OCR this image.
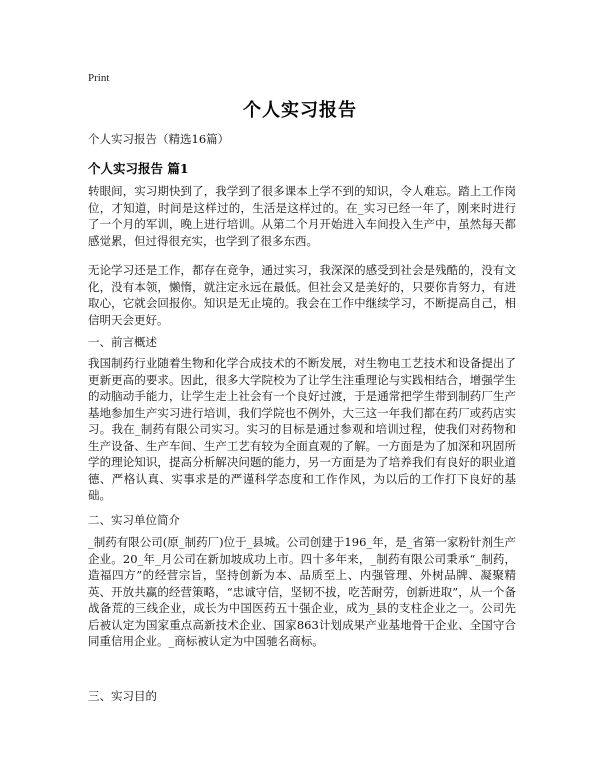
Print
个人实习报告

个人实习报告（精选16篇）

个人实习报告 篇1

转眼间，实习期快到了，我学到了很多课本上学不到的知识，令人难忘。踏上工作岗位，才知道，时间是这样过的，生活是这样过的。在_实习已经一年了，刚来时进行了一个月的军训，晚上进行培训。从第二个月开始进入车间投入生产中，虽然每天都感觉累，但过得很充实，也学到了很多东西。

无论学习还是工作，都存在竞争，通过实习，我深深的感受到社会是残酷的，没有文化，没有本领，懒惰，就注定永远在最低。但社会又是美好的，只要你肯努力，有进取心，它就会回报你。知识是无止境的。我会在工作中继续学习，不断提高自己，相信明天会更好。

一、前言概述

我国制药行业随着生物和化学合成技术的不断发展，对生物电工艺技术和设备提出了更新更高的要求。因此，很多大学院校为了让学生注重理论与实践相结合，增强学生的动脑动手能力，让学生走上社会有一个良好过渡，于是通常把学生带到制药厂生产基地参加生产实习进行培训，我们学院也不例外，大三这一年我们都在药厂或药店实习。我在_制药有限公司实习。实习的目标是通过参观和培训过程，使我们对药物和生产设备、生产车间、生产工艺有较为全面直观的了解。一方面是为了加深和巩固所学的理论知识，提高分析解决问题的能力，另一方面是为了培养我们有良好的职业道德、严格认真、实事求是的严谨科学态度和工作作风，为以后的工作打下良好的基础。

二、实习单位简介

_制药有限公司(原_制药厂)位于_县城。公司创建于196_年，是_省第一家粉针剂生产企业。20_年_月公司在新加坡成功上市。四十多年来，_制药有限公司秉承“_制药，造福四方”的经营宗旨，坚持创新为本、品质至上、内强管理、外树品牌、凝聚精英、开放共赢的经营策略，“忠诚守信，坚韧不拔，吃苦耐劳，创新进取”，从一个备战备荒的三线企业，成长为中国医药五十强企业，成为_县的支柱企业之一。公司先后被认定为国家重点高新技术企业、国家863计划成果产业基地骨干企业、全国守合同重信用企业。_商标被认定为中国驰名商标。

三、实习目的
